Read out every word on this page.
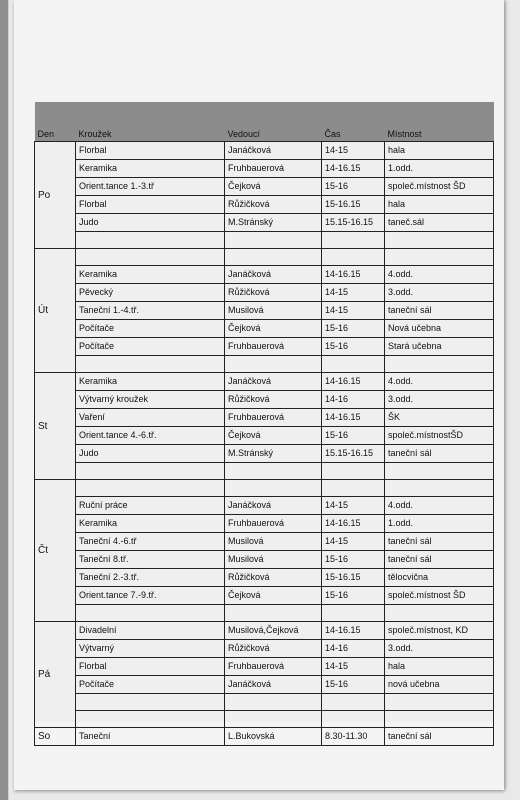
Den	Kroužek	Vedoucí	Čas	Místnost
Po	Florbal	Janáčková	14-15	hala
	Keramika	Fruhbauerová	14-16.15	1.odd.
	Orient.tance 1.-3.tř	Čejková	15-16	společ.místnost ŠD
	Florbal	Růžičková	15-16.15	hala
	Judo	M.Stránský	15.15-16.15	taneč.sál

Út				
	Keramika	Janáčková	14-16.15	4.odd.
	Pěvecký	Růžičková	14-15	3.odd.
	Taneční 1.-4.tř.	Musilová	14-15	taneční sál
	Počítače	Čejková	15-16	Nová učebna
	Počítače	Fruhbauerová	15-16	Stará učebna

St	Keramika	Janáčková	14-16.15	4.odd.
	Výtvarný kroužek	Růžičková	14-16	3.odd.
	Vaření	Fruhbauerová	14-16.15	ŠK
	Orient.tance 4.-6.tř.	Čejková	15-16	společ.místnostŠD
	Judo	M.Stránský	15.15-16.15	taneční sál

Čt				
	Ruční práce	Janáčková	14-15	4.odd.
	Keramika	Fruhbauerová	14-16.15	1.odd.
	Taneční 4.-6.tř	Musilová	14-15	taneční sál
	Taneční 8.tř.	Musilová	15-16	taneční sál
	Taneční 2.-3.tř.	Růžičková	15-16.15	tělocvična
	Orient.tance 7.-9.tř.	Čejková	15-16	společ.místnost ŠD

Pá	Divadelní	Musilová,Čejková	14-16.15	společ.místnost, KD
	Výtvarný	Růžičková	14-16	3.odd.
	Florbal	Fruhbauerová	14-15	hala
	Počítače	Janáčková	15-16	nová učebna

So	Taneční	L.Bukovská	8.30-11.30	taneční sál
